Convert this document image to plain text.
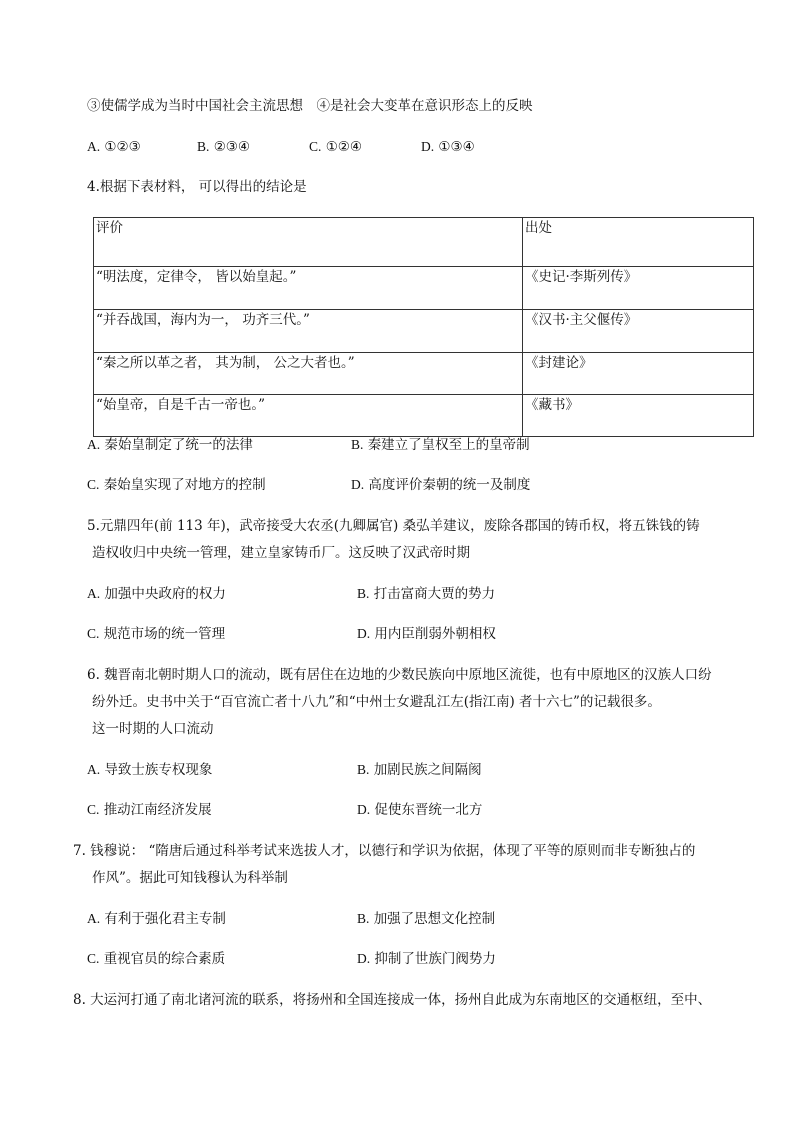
③使儒学成为当时中国社会主流思想　④是社会大变革在意识形态上的反映
A. ①②③	B. ②③④	C. ①②④	D. ①③④
4.根据下表材料， 可以得出的结论是
评价	出处
“明法度，定律令， 皆以始皇起。”	《史记·李斯列传》
“并吞战国，海内为一， 功齐三代。”	《汉书·主父偃传》
“秦之所以革之者， 其为制， 公之大者也。”	《封建论》
“始皇帝，自是千古一帝也。”	《藏书》
A. 秦始皇制定了统一的法律	B. 秦建立了皇权至上的皇帝制
C. 秦始皇实现了对地方的控制	D. 高度评价秦朝的统一及制度
5.元鼎四年(前 113 年)，武帝接受大农丞(九卿属官) 桑弘羊建议，废除各郡国的铸币权，将五铢钱的铸
造权收归中央统一管理，建立皇家铸币厂。这反映了汉武帝时期
A. 加强中央政府的权力	B. 打击富商大贾的势力
C. 规范市场的统一管理	D. 用内臣削弱外朝相权
6. 魏晋南北朝时期人口的流动，既有居住在边地的少数民族向中原地区流徙，也有中原地区的汉族人口纷
纷外迁。史书中关于“百官流亡者十八九”和“中州士女避乱江左(指江南) 者十六七”的记载很多。
这一时期的人口流动
A. 导致士族专权现象	B. 加剧民族之间隔阂
C. 推动江南经济发展	D. 促使东晋统一北方
7. 钱穆说： “隋唐后通过科举考试来选拔人才，以德行和学识为依据，体现了平等的原则而非专断独占的
作风”。据此可知钱穆认为科举制
A. 有利于强化君主专制	B. 加强了思想文化控制
C. 重视官员的综合素质	D. 抑制了世族门阀势力
8. 大运河打通了南北诸河流的联系，将扬州和全国连接成一体，扬州自此成为东南地区的交通枢纽，至中、
